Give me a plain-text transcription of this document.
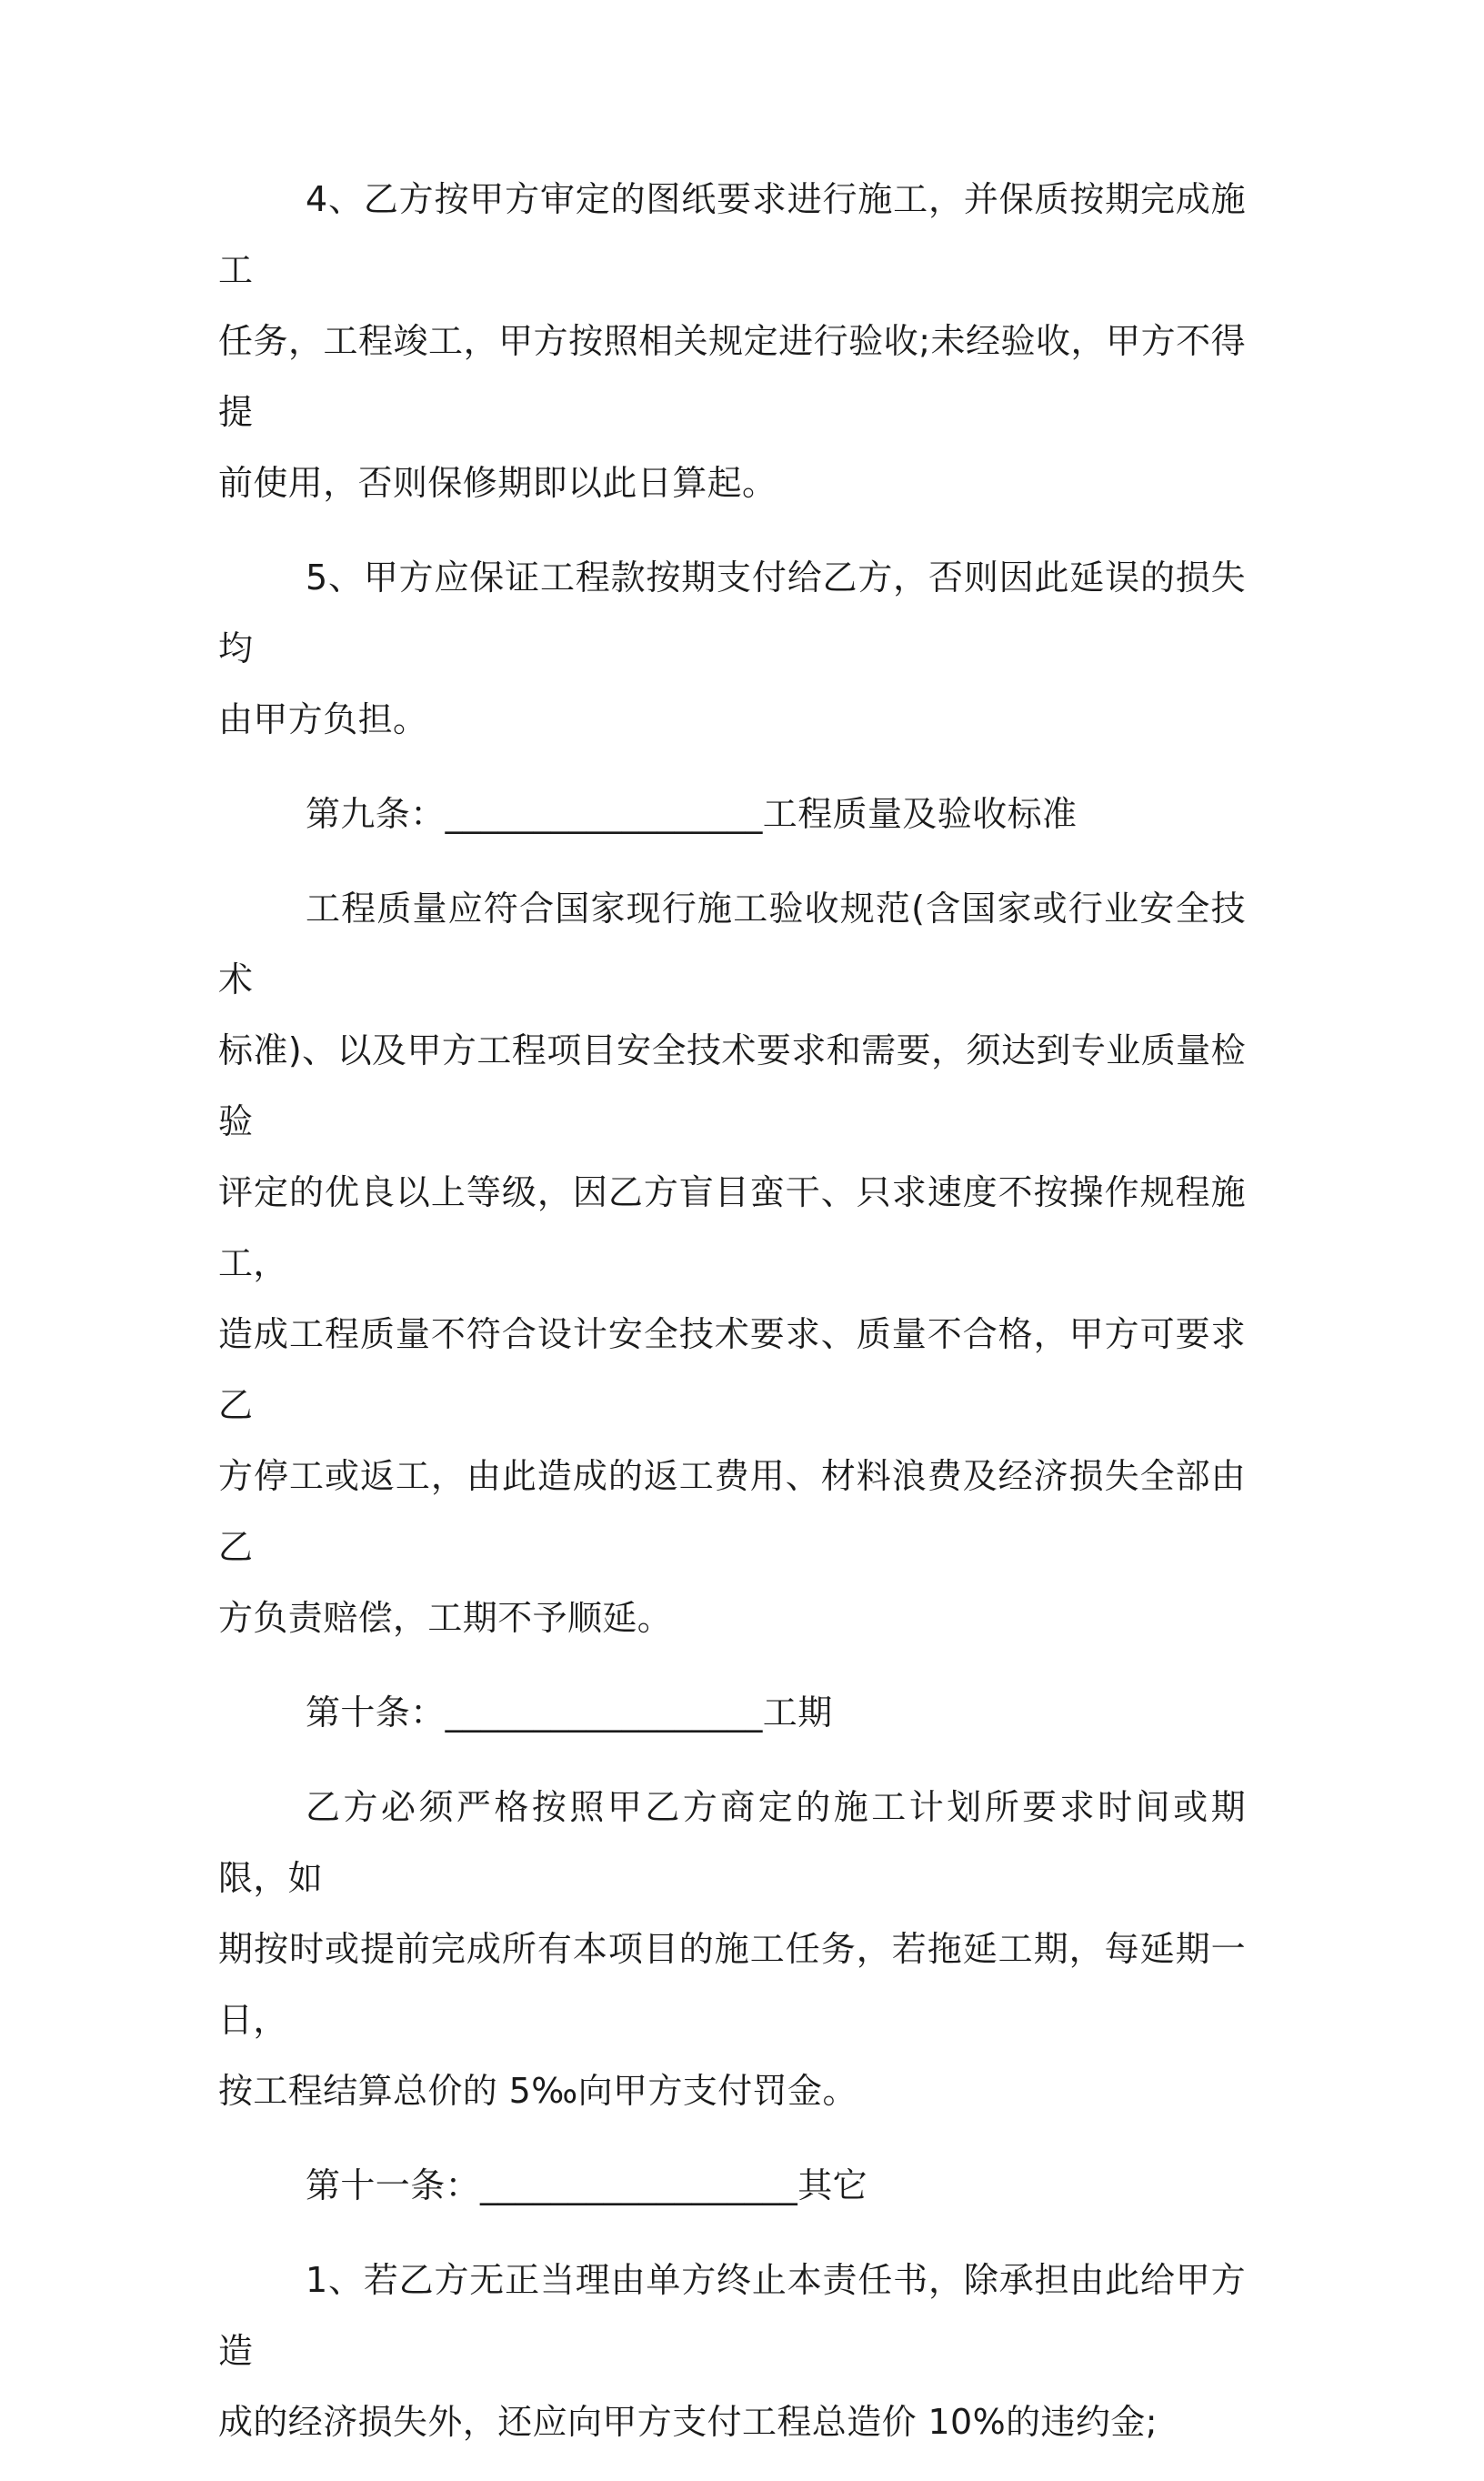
4、乙方按甲方审定的图纸要求进行施工，并保质按期完成施工
任务，工程竣工，甲方按照相关规定进行验收;未经验收，甲方不得提
前使用，否则保修期即以此日算起。

5、甲方应保证工程款按期支付给乙方，否则因此延误的损失均
由甲方负担。

第九条：__________________工程质量及验收标准

工程质量应符合国家现行施工验收规范(含国家或行业安全技术
标准)、以及甲方工程项目安全技术要求和需要，须达到专业质量检验
评定的优良以上等级，因乙方盲目蛮干、只求速度不按操作规程施工，
造成工程质量不符合设计安全技术要求、质量不合格，甲方可要求乙
方停工或返工，由此造成的返工费用、材料浪费及经济损失全部由乙
方负责赔偿，工期不予顺延。

第十条：__________________工期

乙方必须严格按照甲乙方商定的施工计划所要求时间或期限，如
期按时或提前完成所有本项目的施工任务，若拖延工期，每延期一日，
按工程结算总价的 5‰向甲方支付罚金。

第十一条：__________________其它

1、若乙方无正当理由单方终止本责任书，除承担由此给甲方造
成的经济损失外，还应向甲方支付工程总造价 10%的违约金;
